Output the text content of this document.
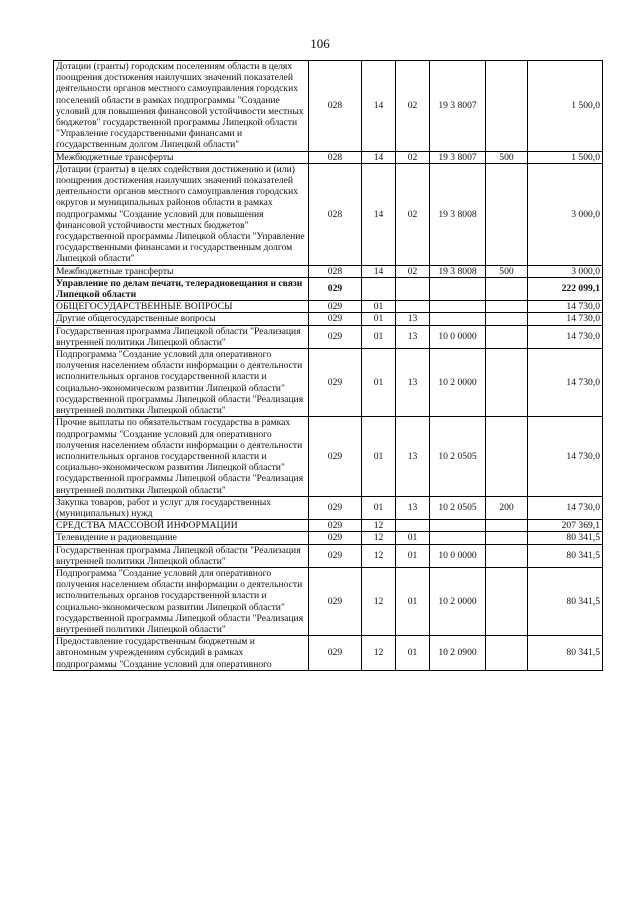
106
Дотации (гранты) городским поселениям области в целях поощрения достижения наилучших значений показателей деятельности органов местного самоуправления городских поселений области в рамках подпрограммы "Создание условий для повышения финансовой устойчивости местных бюджетов" государственной программы Липецкой области "Управление государственными финансами и государственным долгом Липецкой области"	028	14	02	19 3 8007		1 500,0
Межбюджетные трансферты	028	14	02	19 3 8007	500	1 500,0
Дотации (гранты) в целях содействия достижению и (или) поощрения достижения наилучших значений показателей деятельности органов местного самоуправления городских округов и муниципальных районов области в рамках подпрограммы "Создание условий для повышения финансовой устойчивости местных бюджетов" государственной программы Липецкой области "Управление государственными финансами и государственным долгом Липецкой области"	028	14	02	19 3 8008		3 000,0
Межбюджетные трансферты	028	14	02	19 3 8008	500	3 000,0
Управление по делам печати, телерадиовещания и связи Липецкой области	029					222 099,1
ОБЩЕГОСУДАРСТВЕННЫЕ ВОПРОСЫ	029	01				14 730,0
Другие общегосударственные вопросы	029	01	13			14 730,0
Государственная программа Липецкой области "Реализация внутренней политики Липецкой области"	029	01	13	10 0 0000		14 730,0
Подпрограмма "Создание условий для оперативного получения населением области информации о деятельности исполнительных органов государственной власти и социально-экономическом развитии Липецкой области" государственной программы Липецкой области "Реализация внутренней политики Липецкой области"	029	01	13	10 2 0000		14 730,0
Прочие выплаты по обязательствам государства в рамках подпрограммы "Создание условий для оперативного получения населением области информации о деятельности исполнительных органов государственной власти и социально-экономическом развитии Липецкой области" государственной программы Липецкой области "Реализация внутренней политики Липецкой области"	029	01	13	10 2 0505		14 730,0
Закупка товаров, работ и услуг для государственных (муниципальных) нужд	029	01	13	10 2 0505	200	14 730,0
СРЕДСТВА МАССОВОЙ ИНФОРМАЦИИ	029	12				207 369,1
Телевидение и радиовещание	029	12	01			80 341,5
Государственная программа Липецкой области "Реализация внутренней политики Липецкой области"	029	12	01	10 0 0000		80 341,5
Подпрограмма "Создание условий для оперативного получения населением области информации о деятельности исполнительных органов государственной власти и социально-экономическом развитии Липецкой области" государственной программы Липецкой области "Реализация внутренней политики Липецкой области"	029	12	01	10 2 0000		80 341,5
Предоставление государственным бюджетным и автономным учреждениям субсидий в рамках подпрограммы "Создание условий для оперативного	029	12	01	10 2 0900		80 341,5
